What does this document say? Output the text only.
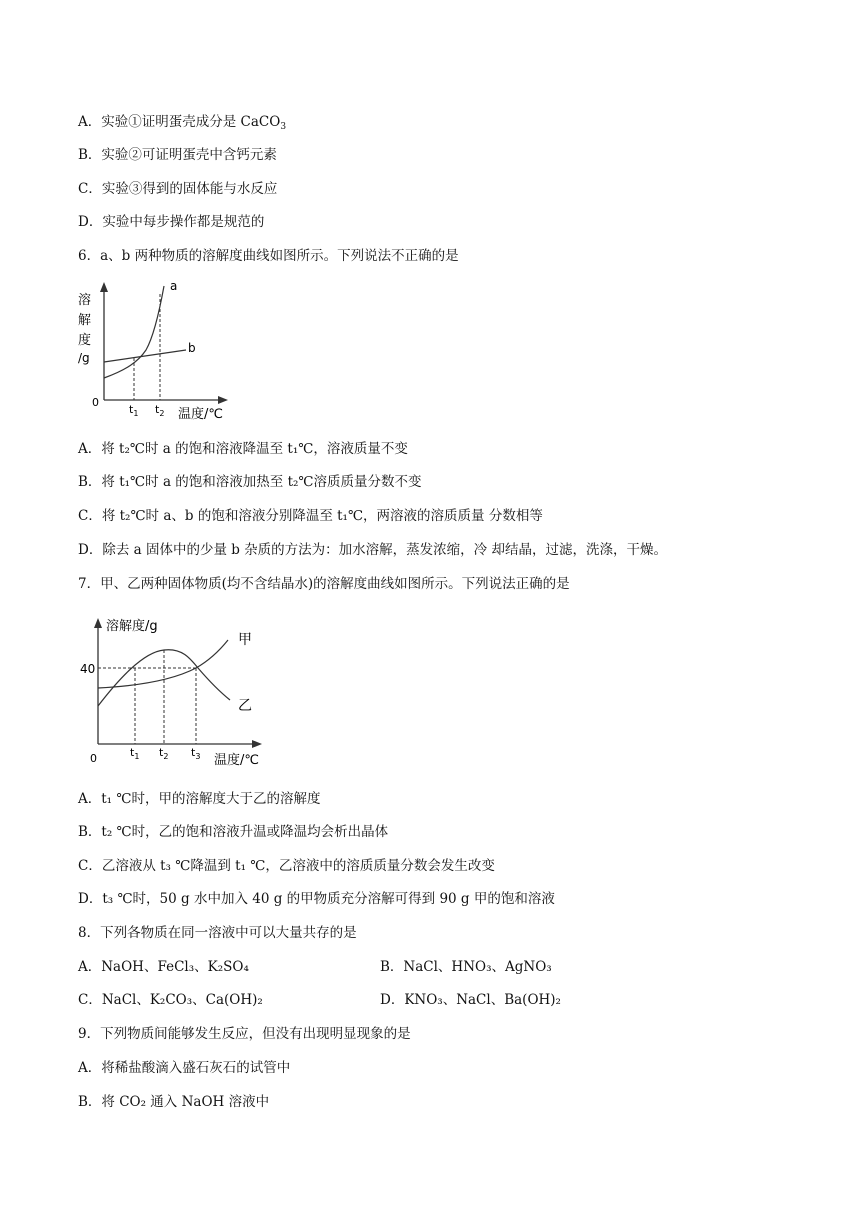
A．实验①证明蛋壳成分是 CaCO$_3$
B．实验②可证明蛋壳中含钙元素
C．实验③得到的固体能与水反应
D．实验中每步操作都是规范的
6．a、b 两种物质的溶解度曲线如图所示。下列说法不正确的是
溶
解
度
/g
0
$t_1$ $t_2$ 温度/℃
a
b
A．将 t₂℃时 a 的饱和溶液降温至 t₁℃，溶液质量不变
B．将 t₁℃时 a 的饱和溶液加热至 t₂℃溶质质量分数不变
C．将 t₂℃时 a、b 的饱和溶液分别降温至 t₁℃，两溶液的溶质质量 分数相等
D．除去 a 固体中的少量 b 杂质的方法为：加水溶解，蒸发浓缩，冷 却结晶，过滤，洗涤，干燥。
7．甲、乙两种固体物质(均不含结晶水)的溶解度曲线如图所示。下列说法正确的是
溶解度/g
40
0	$t_1$ $t_2$ $t_3$ 温度/℃
甲
乙
A．t₁ ℃时，甲的溶解度大于乙的溶解度
B．t₂ ℃时，乙的饱和溶液升温或降温均会析出晶体
C．乙溶液从 t₃ ℃降温到 t₁ ℃，乙溶液中的溶质质量分数会发生改变
D．t₃ ℃时，50 g 水中加入 40 g 的甲物质充分溶解可得到 90 g 甲的饱和溶液
8．下列各物质在同一溶液中可以大量共存的是
A．NaOH、FeCl₃、K₂SO₄	B．NaCl、HNO₃、AgNO₃
C．NaCl、K₂CO₃、Ca(OH)₂	D．KNO₃、NaCl、Ba(OH)₂
9．下列物质间能够发生反应，但没有出现明显现象的是
A．将稀盐酸滴入盛石灰石的试管中
B．将 CO₂ 通入 NaOH 溶液中
